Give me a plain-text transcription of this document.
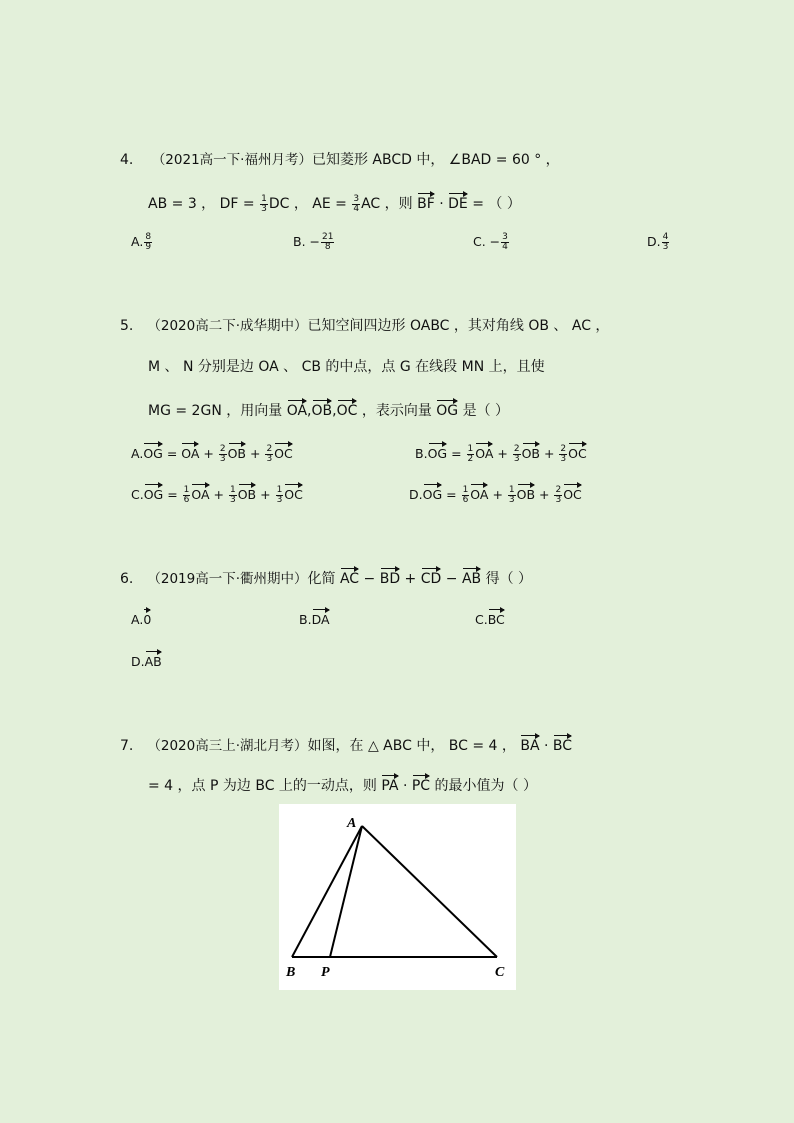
4. （2021高一下·福州月考）已知菱形 ABCD 中， ∠BAD = 60 ° ，
AB = 3 ， DF = $\frac{1}{3}$ DC ， AE = $\frac{3}{4}$ AC ，则 BF · DE = （ ）
A. $\frac{8}{9}$	B. − $\frac{21}{8}$	C. − $\frac{3}{4}$	D. $\frac{4}{3}$
5. （2020高二下·成华期中）已知空间四边形 OABC ，其对角线 OB 、 AC ，
M 、 N 分别是边 OA 、 CB 的中点，点 G 在线段 MN 上，且使
MG = 2GN ，用向量 OA,OB,OC ，表示向量 OG 是（ ）
A.OG = OA + $\frac{2}{3}$ OB + $\frac{2}{3}$ OC	$B.OG = \frac{1}{2}$ OA + $\frac{2}{3}$ OB + $\frac{2}{3}$ OC
$C.OG = \frac{1}{6}$ OA + $\frac{1}{3}$ OB + $\frac{1}{3}$ OC	$D.OG = \frac{1}{6}$ OA + $\frac{1}{3}$ OB + $\frac{2}{3}$ OC
6. （2019高一下·衢州期中）化简 AC − BD + CD − AB 得（ ）
A.0	B.DA	C.BC
D.AB
7. （2020高三上·湖北月考）如图，在 △ ABC 中， BC = 4 ， BA · BC
= 4 ，点 P 为边 BC 上的一动点，则 PA · PC 的最小值为（ ）
A
B P	C
